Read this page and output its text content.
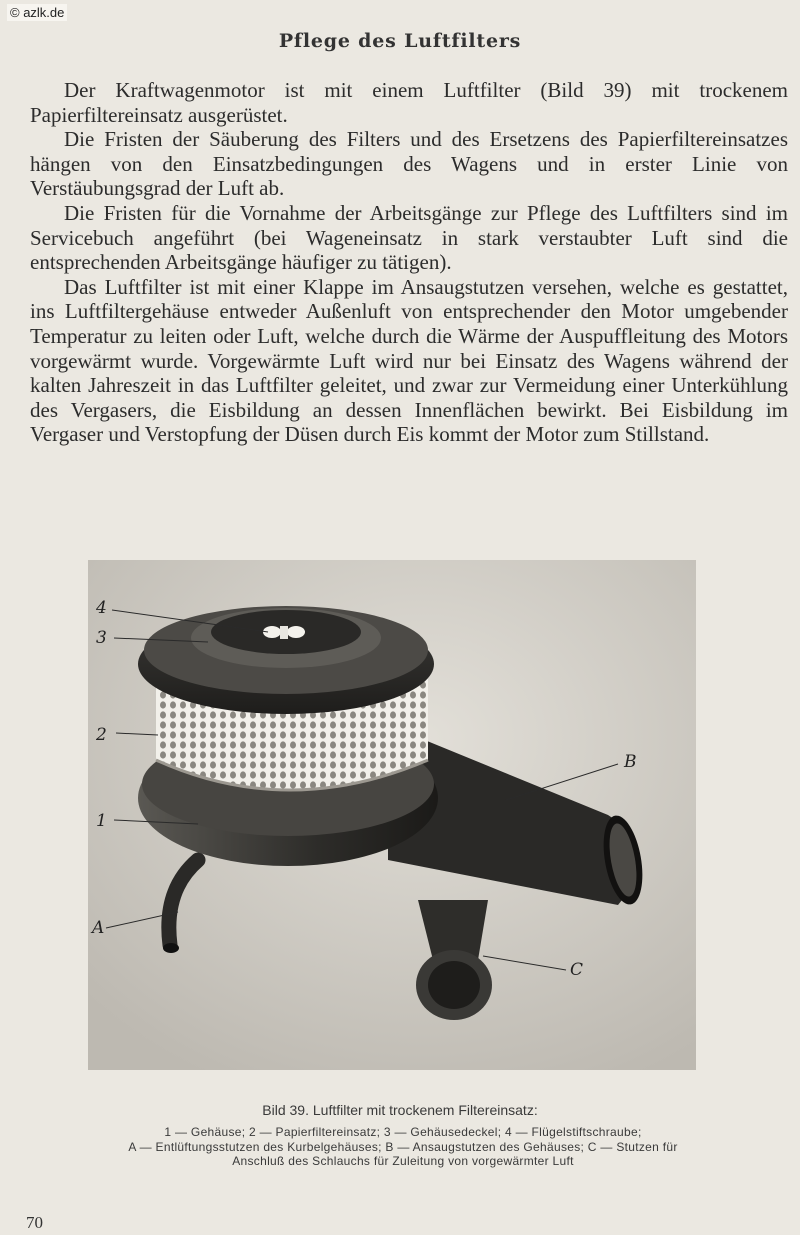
© azlk.de
Pflege des Luftfilters

Der Kraftwagenmotor ist mit einem Luftfilter (Bild 39) mit trockenem Papierfiltereinsatz ausgerüstet.

Die Fristen der Säuberung des Filters und des Ersetzens des Papierfiltereinsatzes hängen von den Einsatzbedingungen des Wagens und in erster Linie von Verstäubungsgrad der Luft ab.

Die Fristen für die Vornahme der Arbeitsgänge zur Pflege des Luftfilters sind im Servicebuch angeführt (bei Wageneinsatz in stark verstaubter Luft sind die entsprechenden Arbeitsgänge häufiger zu tätigen).

Das Luftfilter ist mit einer Klappe im Ansaugstutzen versehen, welche es gestattet, ins Luftfiltergehäuse entweder Außenluft von entsprechender den Motor umgebender Temperatur zu leiten oder Luft, welche durch die Wärme der Auspuffleitung des Motors vorgewärmt wurde. Vorgewärmte Luft wird nur bei Einsatz des Wagens während der kalten Jahreszeit in das Luftfilter geleitet, und zwar zur Vermeidung einer Unterkühlung des Vergasers, die Eisbildung an dessen Innenflächen bewirkt. Bei Eisbildung im Vergaser und Verstopfung der Düsen durch Eis kommt der Motor zum Stillstand.

4
3
2
1
A
B
C
Bild 39. Luftfilter mit trockenem Filtereinsatz:
1 — Gehäuse; 2 — Papierfiltereinsatz; 3 — Gehäusedeckel; 4 — Flügelstiftschraube;
A — Entlüftungsstutzen des Kurbelgehäuses; B — Ansaugstutzen des Gehäuses; C — Stutzen für Anschluß des Schlauchs für Zuleitung von vorgewärmter Luft
70
